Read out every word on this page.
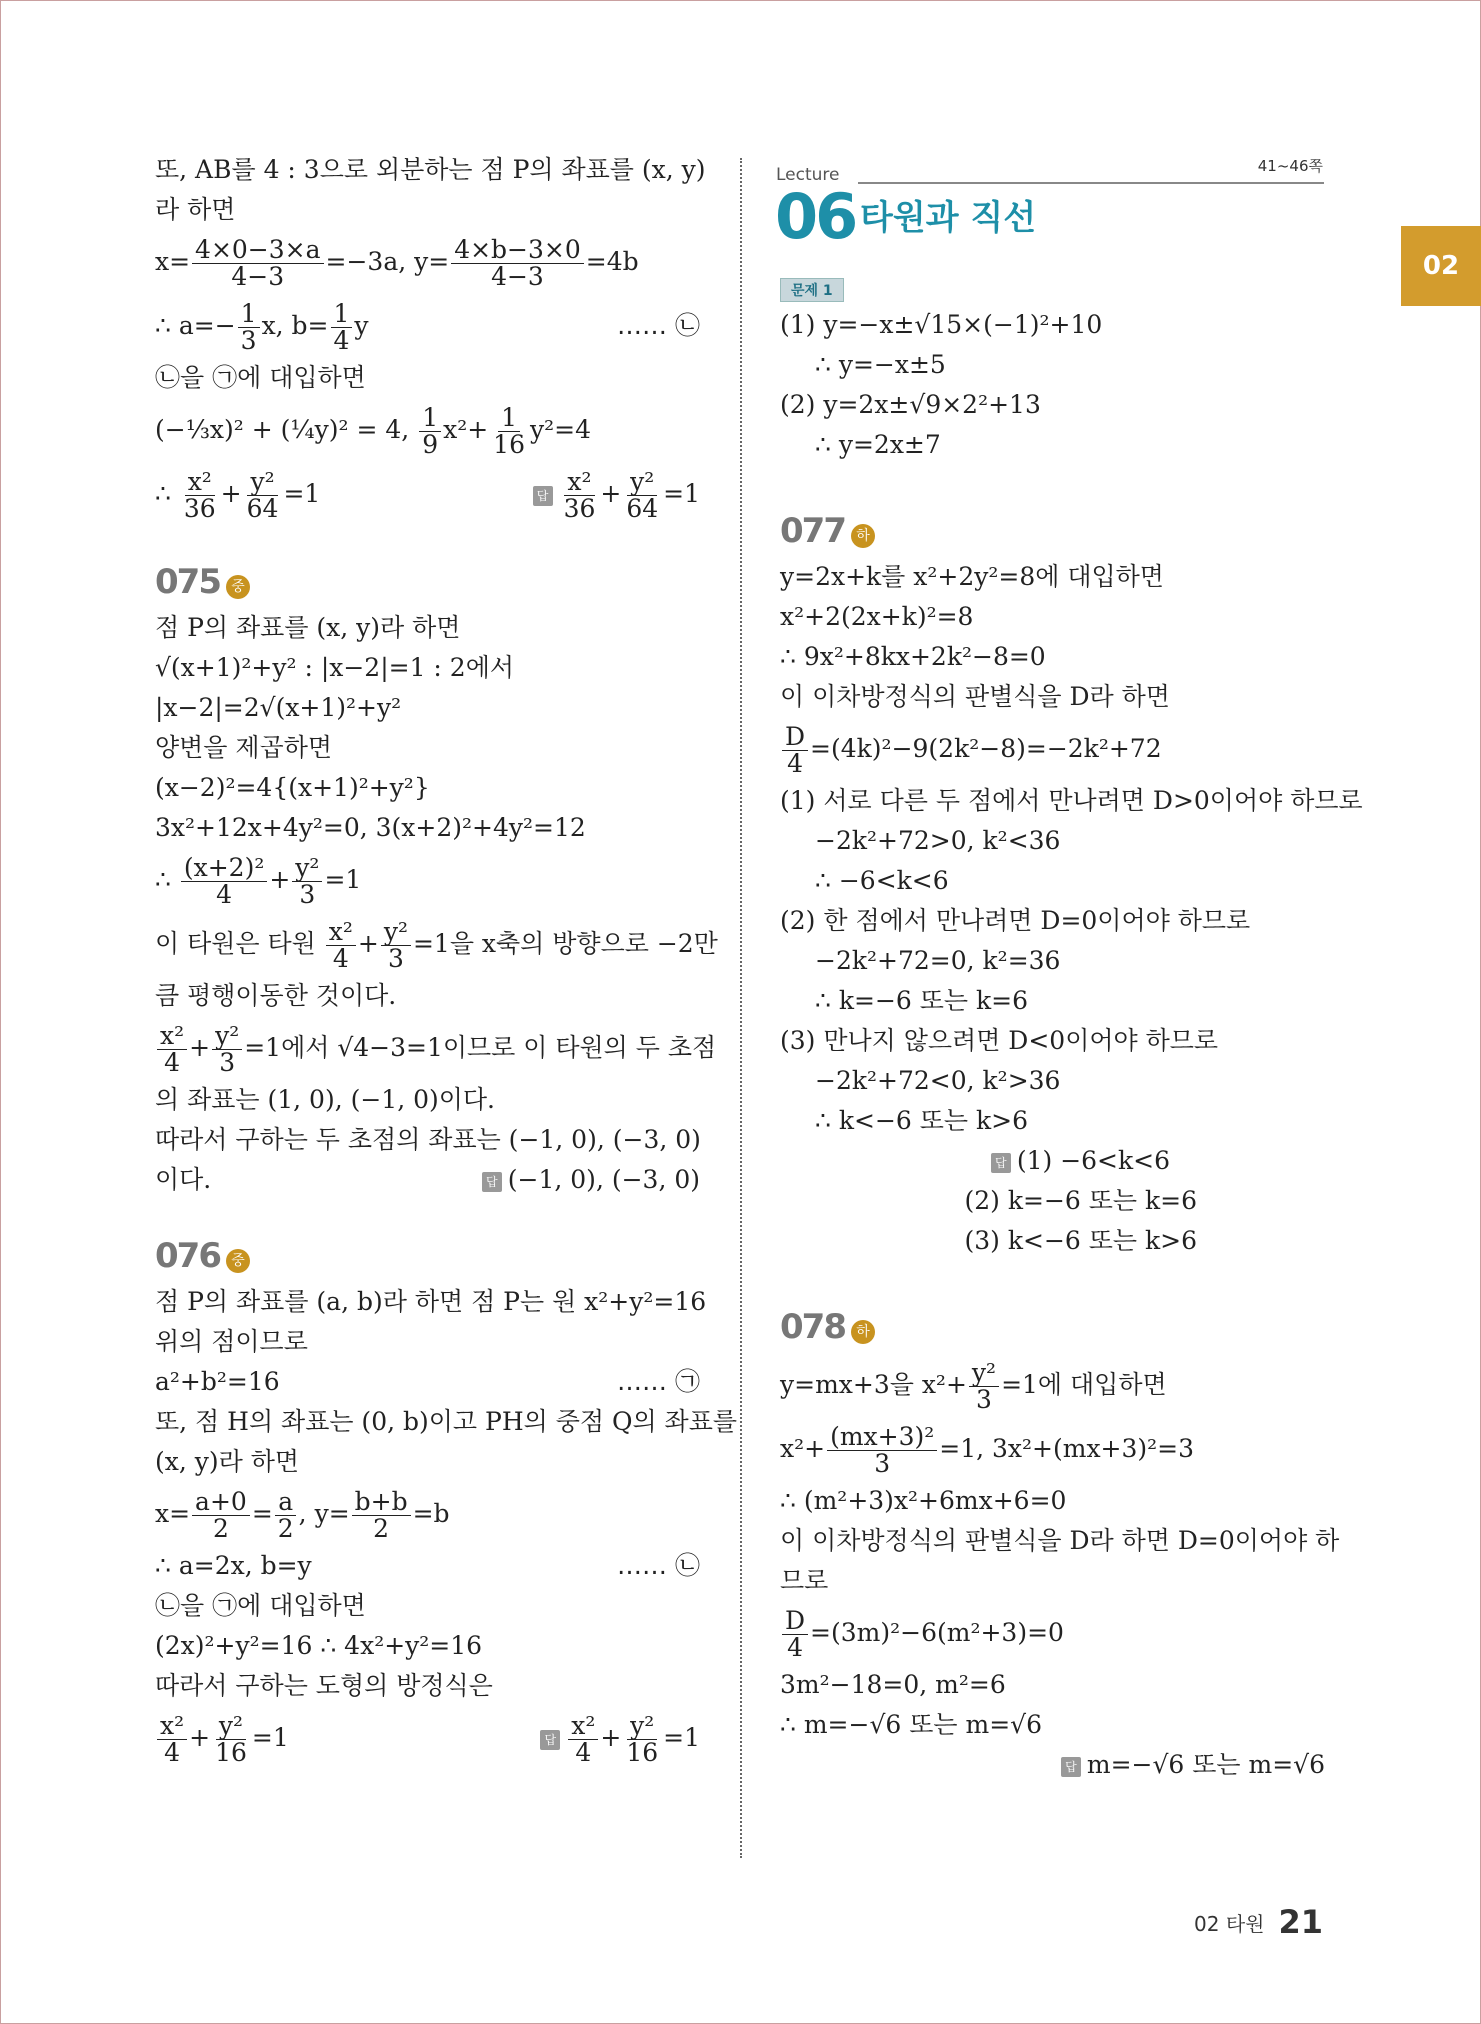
Lecture	41~46쪽
06 타원과 직선
문제 1
02
또, AB를 4 : 3으로 외분하는 점 P의 좌표를 (x, y)
라 하면
$x= \frac{4\times 0-3\times a}{4-3} =-3a$, $y= \frac{4\times b-3\times 0}{4-3} =4b$
∴ $a=- \frac{1}{3} x$, $b= \frac{1}{4}$ y	…… ㉡
㉡을 ㉠에 대입하면
(−⅓x)² + (¼y)² = 4, $\frac{1}{9} x^2+ \frac{1}{16} y^2=4$
∴ $\frac{\text{x²}}{36} + \frac{\text{y²}}{64} =1$	답 $\frac{\text{x²}}{36} + \frac{\text{y²}}{64} =1$
075 중
점 P의 좌표를 (x, y)라 하면
√(x+1)²+y² : |x−2|=1 : 2에서
|x−2|=2√(x+1)²+y²
양변을 제곱하면
(x−2)²=4{(x+1)²+y²}
3x²+12x+4y²=0, 3(x+2)²+4y²=12
∴ $\frac{\text{(x+2)²}}{4} + \frac{\text{y²}}{3} =1$
이 타원은 타원 $\frac{\text{x²}}{4} + \frac{\text{y²}}{3} =1$을 x축의 방향으로 −2만
큼 평행이동한 것이다.
$\frac{\text{x²}}{4} + \frac{\text{y²}}{3} =1$에서 √4−3=1이므로 이 타원의 두 초점
의 좌표는 (1, 0), (−1, 0)이다.
따라서 구하는 두 초점의 좌표는 (−1, 0), (−3, 0)
이다.	답 (−1, 0), (−3, 0)
076 중
점 P의 좌표를 (a, b)라 하면 점 P는 원 x²+y²=16
위의 점이므로
a²+b²=16	…… ㉠
또, 점 H의 좌표는 (0, b)이고 PH의 중점 Q의 좌표를
(x, y)라 하면
$x= \frac{a+0}{2} = \frac{a}{2}$ , $y= \frac{b+b}{2} =b$
∴ a=2x, b=y	…… ㉡
㉡을 ㉠에 대입하면
(2x)²+y²=16 ∴ 4x²+y²=16
따라서 구하는 도형의 방정식은
$\frac{\text{x²}}{4} + \frac{\text{y²}}{16} =1$	답 $\frac{\text{x²}}{4} + \frac{\text{y²}}{16} =1$
(1) y=−x±√15×(−1)²+10
∴ y=−x±5
(2) y=2x±√9×2²+13
∴ y=2x±7
077 하
y=2x+k를 x²+2y²=8에 대입하면
x²+2(2x+k)²=8
∴ 9x²+8kx+2k²−8=0
이 이차방정식의 판별식을 D라 하면
$\frac{D}{4} =(4k)^2-9(2k^2-8)=-2k^2+72$
(1) 서로 다른 두 점에서 만나려면 D>0이어야 하므로
−2k²+72>0, k²<36
∴ −6<k<6
(2) 한 점에서 만나려면 D=0이어야 하므로
−2k²+72=0, k²=36
∴ k=−6 또는 k=6
(3) 만나지 않으려면 D<0이어야 하므로
−2k²+72<0, k²>36
∴ k<−6 또는 k>6
답 (1) −6<k<6
(2) k=−6 또는 k=6
(3) k<−6 또는 k>6
078 하
y=mx+3을 $x^2+ \frac{\text{y²}}{3} =1$에 대입하면
$x^2+ \frac{\text{(mx+3)²}}{3} =1$, 3x²+(mx+3)²=3
∴ (m²+3)x²+6mx+6=0
이 이차방정식의 판별식을 D라 하면 D=0이어야 하
므로
$\frac{D}{4} =(3m)^2-6(m^2+3)=0$
3m²−18=0, m²=6
∴ m=−√6 또는 m=√6
답 m=−√6 또는 m=√6
02 타원 21
